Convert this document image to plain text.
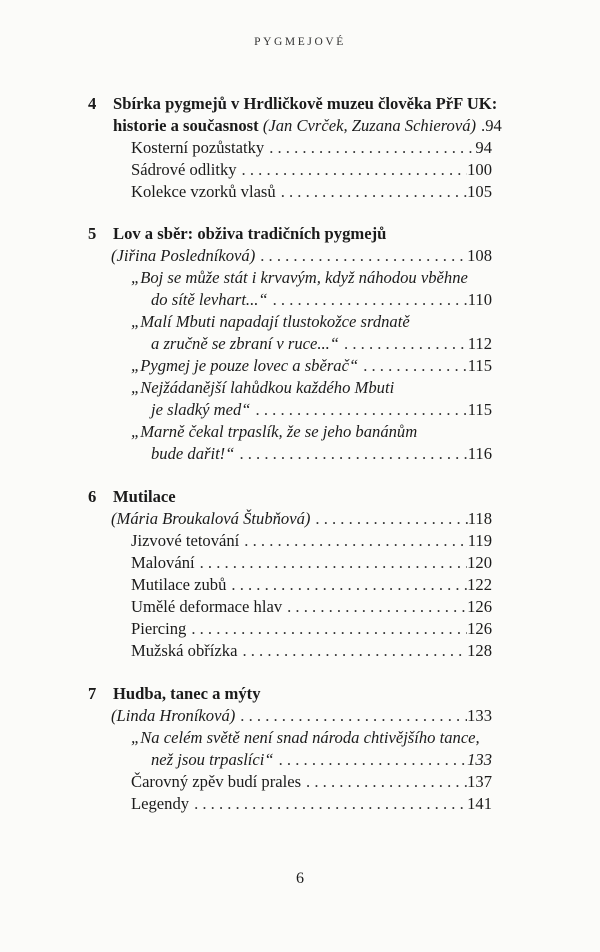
PYGMEJOVÉ
4	Sbírka pygmejů v Hrdličkově muzeu člověka PřF UK:
historie a současnost
(Jan Cvrček, Zuzana Schierová) . 94
Kosterní pozůstatky . . .	94
Sádrové odlitky . . .	100
Kolekce vzorků vlasů . . .	105
5	Lov a sběr: obživa tradičních pygmejů
(Jiřina Posledníková) . . .	108
„Boj se může stát i krvavým, když náhodou vběhne
do sítě levhart...“ . . .	110
„Malí Mbuti napadají tlustokožce srdnatě
a zručně se zbraní v ruce...“ . . .	112
„Pygmej je pouze lovec a sběrač“ . . .	115
„Nejžádanější lahůdkou každého Mbuti
je sladký med“ . . .	115
„Marně čekal trpaslík, že se jeho banánům
bude dařit!“ . . .	116
6	Mutilace
(Mária Broukalová Štubňová) . . .	118
Jizvové tetování . . .	119
Malování . . .	120
Mutilace zubů . . .	122
Umělé deformace hlav . . .	126
Piercing . . .	126
Mužská obřízka . . .	128
7	Hudba, tanec a mýty
(Linda Hroníková) . . .	133
„Na celém světě není snad národa chtivějšího tance,
než jsou trpaslíci“ . . .	133
Čarovný zpěv budí prales . . .	137
Legendy . . .	141
6
